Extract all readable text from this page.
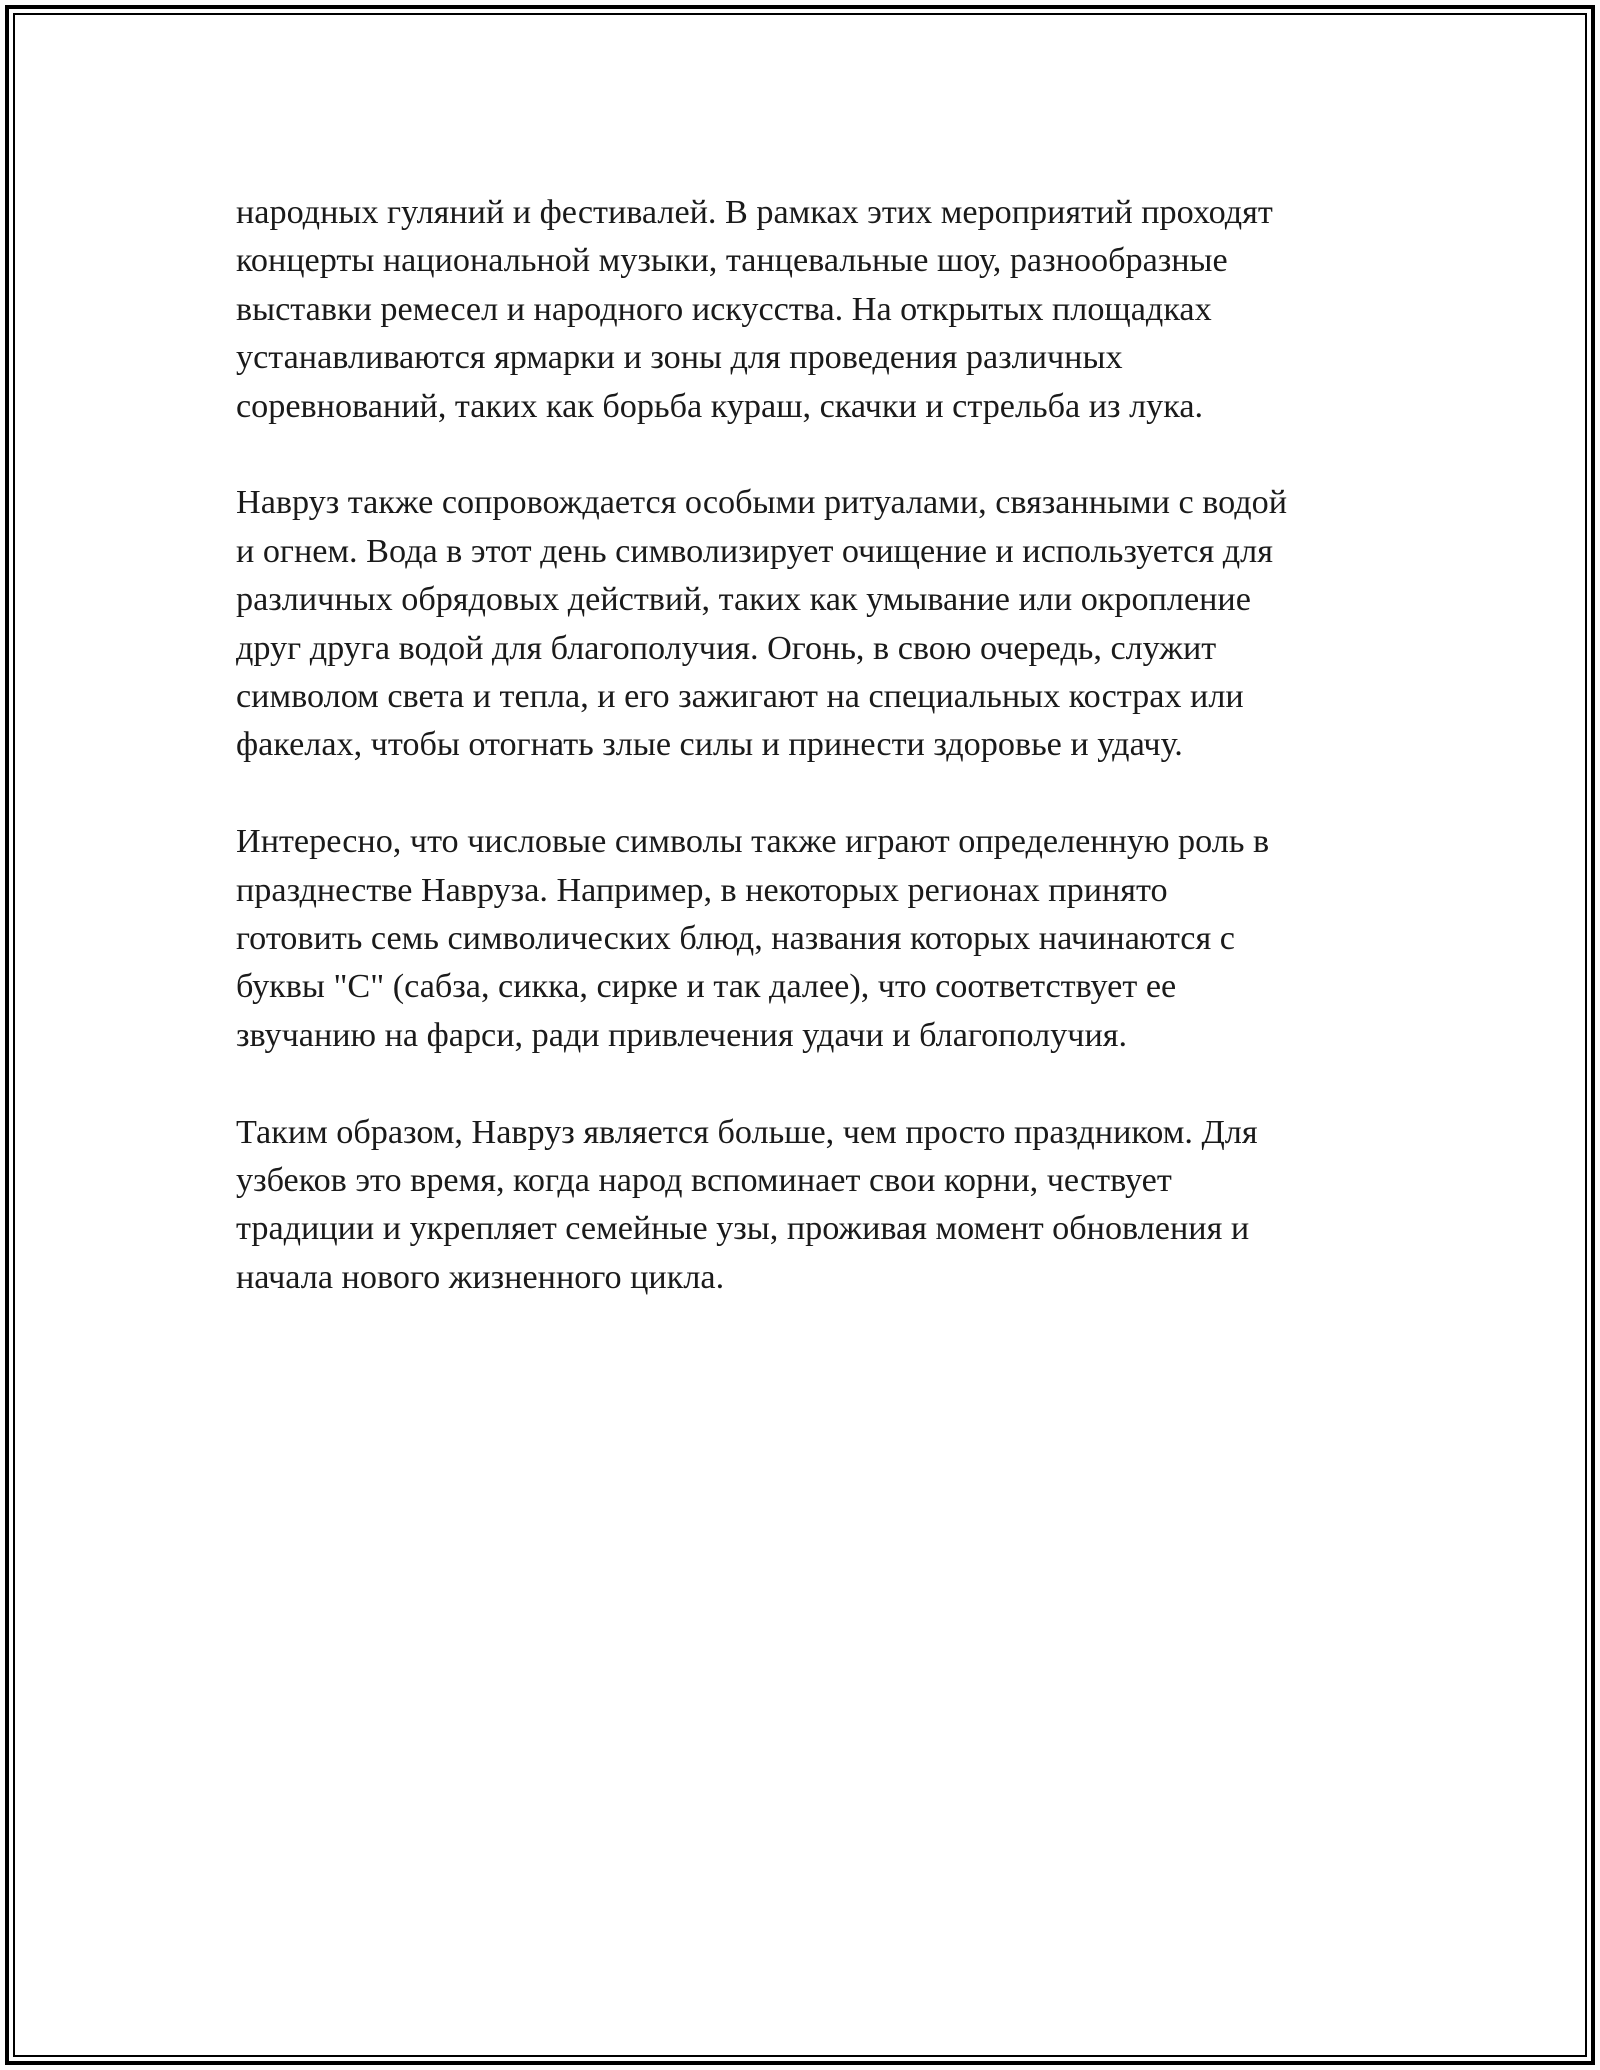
народных гуляний и фестивалей. В рамках этих мероприятий проходят
концерты национальной музыки, танцевальные шоу, разнообразные
выставки ремесел и народного искусства. На открытых площадках
устанавливаются ярмарки и зоны для проведения различных
соревнований, таких как борьба кураш, скачки и стрельба из лука.

Навруз также сопровождается особыми ритуалами, связанными с водой
и огнем. Вода в этот день символизирует очищение и используется для
различных обрядовых действий, таких как умывание или окропление
друг друга водой для благополучия. Огонь, в свою очередь, служит
символом света и тепла, и его зажигают на специальных кострах или
факелах, чтобы отогнать злые силы и принести здоровье и удачу.

Интересно, что числовые символы также играют определенную роль в
празднестве Навруза. Например, в некоторых регионах принято
готовить семь символических блюд, названия которых начинаются с
буквы "С" (сабза, сикка, сирке и так далее), что соответствует ее
звучанию на фарси, ради привлечения удачи и благополучия.

Таким образом, Навруз является больше, чем просто праздником. Для
узбеков это время, когда народ вспоминает свои корни, чествует
традиции и укрепляет семейные узы, проживая момент обновления и
начала нового жизненного цикла.
